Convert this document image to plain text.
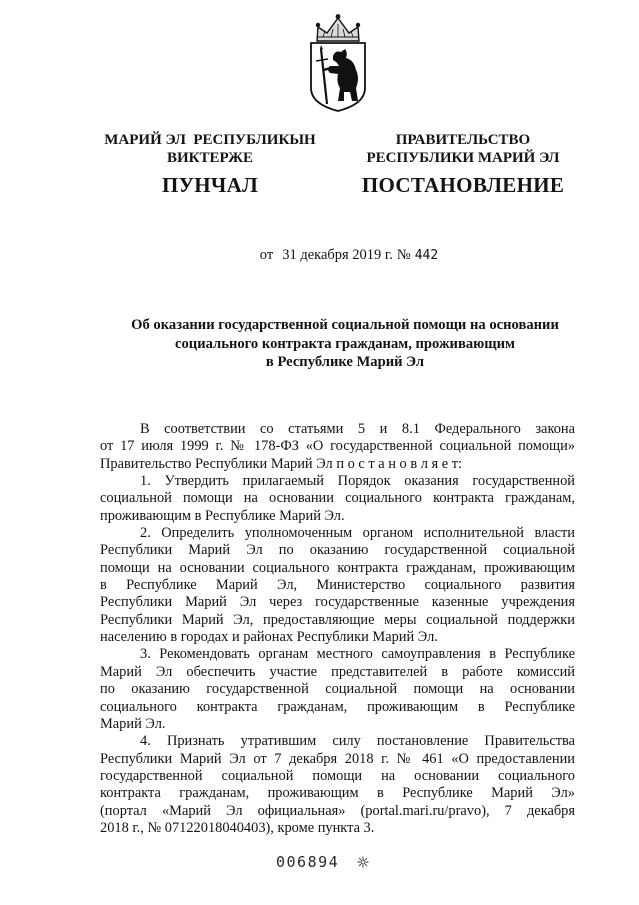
МАРИЙ ЭЛ  РЕСПУБЛИКЫН
ВИКТЕРЖЕ
ПУНЧАЛ
ПРАВИТЕЛЬСТВО
РЕСПУБЛИКИ МАРИЙ ЭЛ
ПОСТАНОВЛЕНИЕ
от 31 декабря 2019 г. № 442
Об оказании государственной социальной помощи на основании
социального контракта гражданам, проживающим
в Республике Марий Эл
В соответствии со статьями 5 и 8.1 Федерального закона
от 17 июля 1999 г. № 178-ФЗ «О государственной социальной помощи»
Правительство Республики Марий Эл п о с т а н о в л я е т:
1. Утвердить прилагаемый Порядок оказания государственной
социальной помощи на основании социального контракта гражданам,
проживающим в Республике Марий Эл.
2. Определить уполномоченным органом исполнительной власти
Республики Марий Эл по оказанию государственной социальной
помощи на основании социального контракта гражданам, проживающим
в Республике Марий Эл, Министерство социального развития
Республики Марий Эл через государственные казенные учреждения
Республики Марий Эл, предоставляющие меры социальной поддержки
населению в городах и районах Республики Марий Эл.
3. Рекомендовать органам местного самоуправления в Республике
Марий Эл обеспечить участие представителей в работе комиссий
по оказанию государственной социальной помощи на основании
социального контракта гражданам, проживающим в Республике
Марий Эл.
4. Признать утратившим силу постановление Правительства
Республики Марий Эл от 7 декабря 2018 г. № 461 «О предоставлении
государственной социальной помощи на основании социального
контракта гражданам, проживающим в Республике Марий Эл»
(портал «Марий Эл официальная» (portal.mari.ru/pravo), 7 декабря
2018 г., № 07122018040403), кроме пункта 3.
006894
